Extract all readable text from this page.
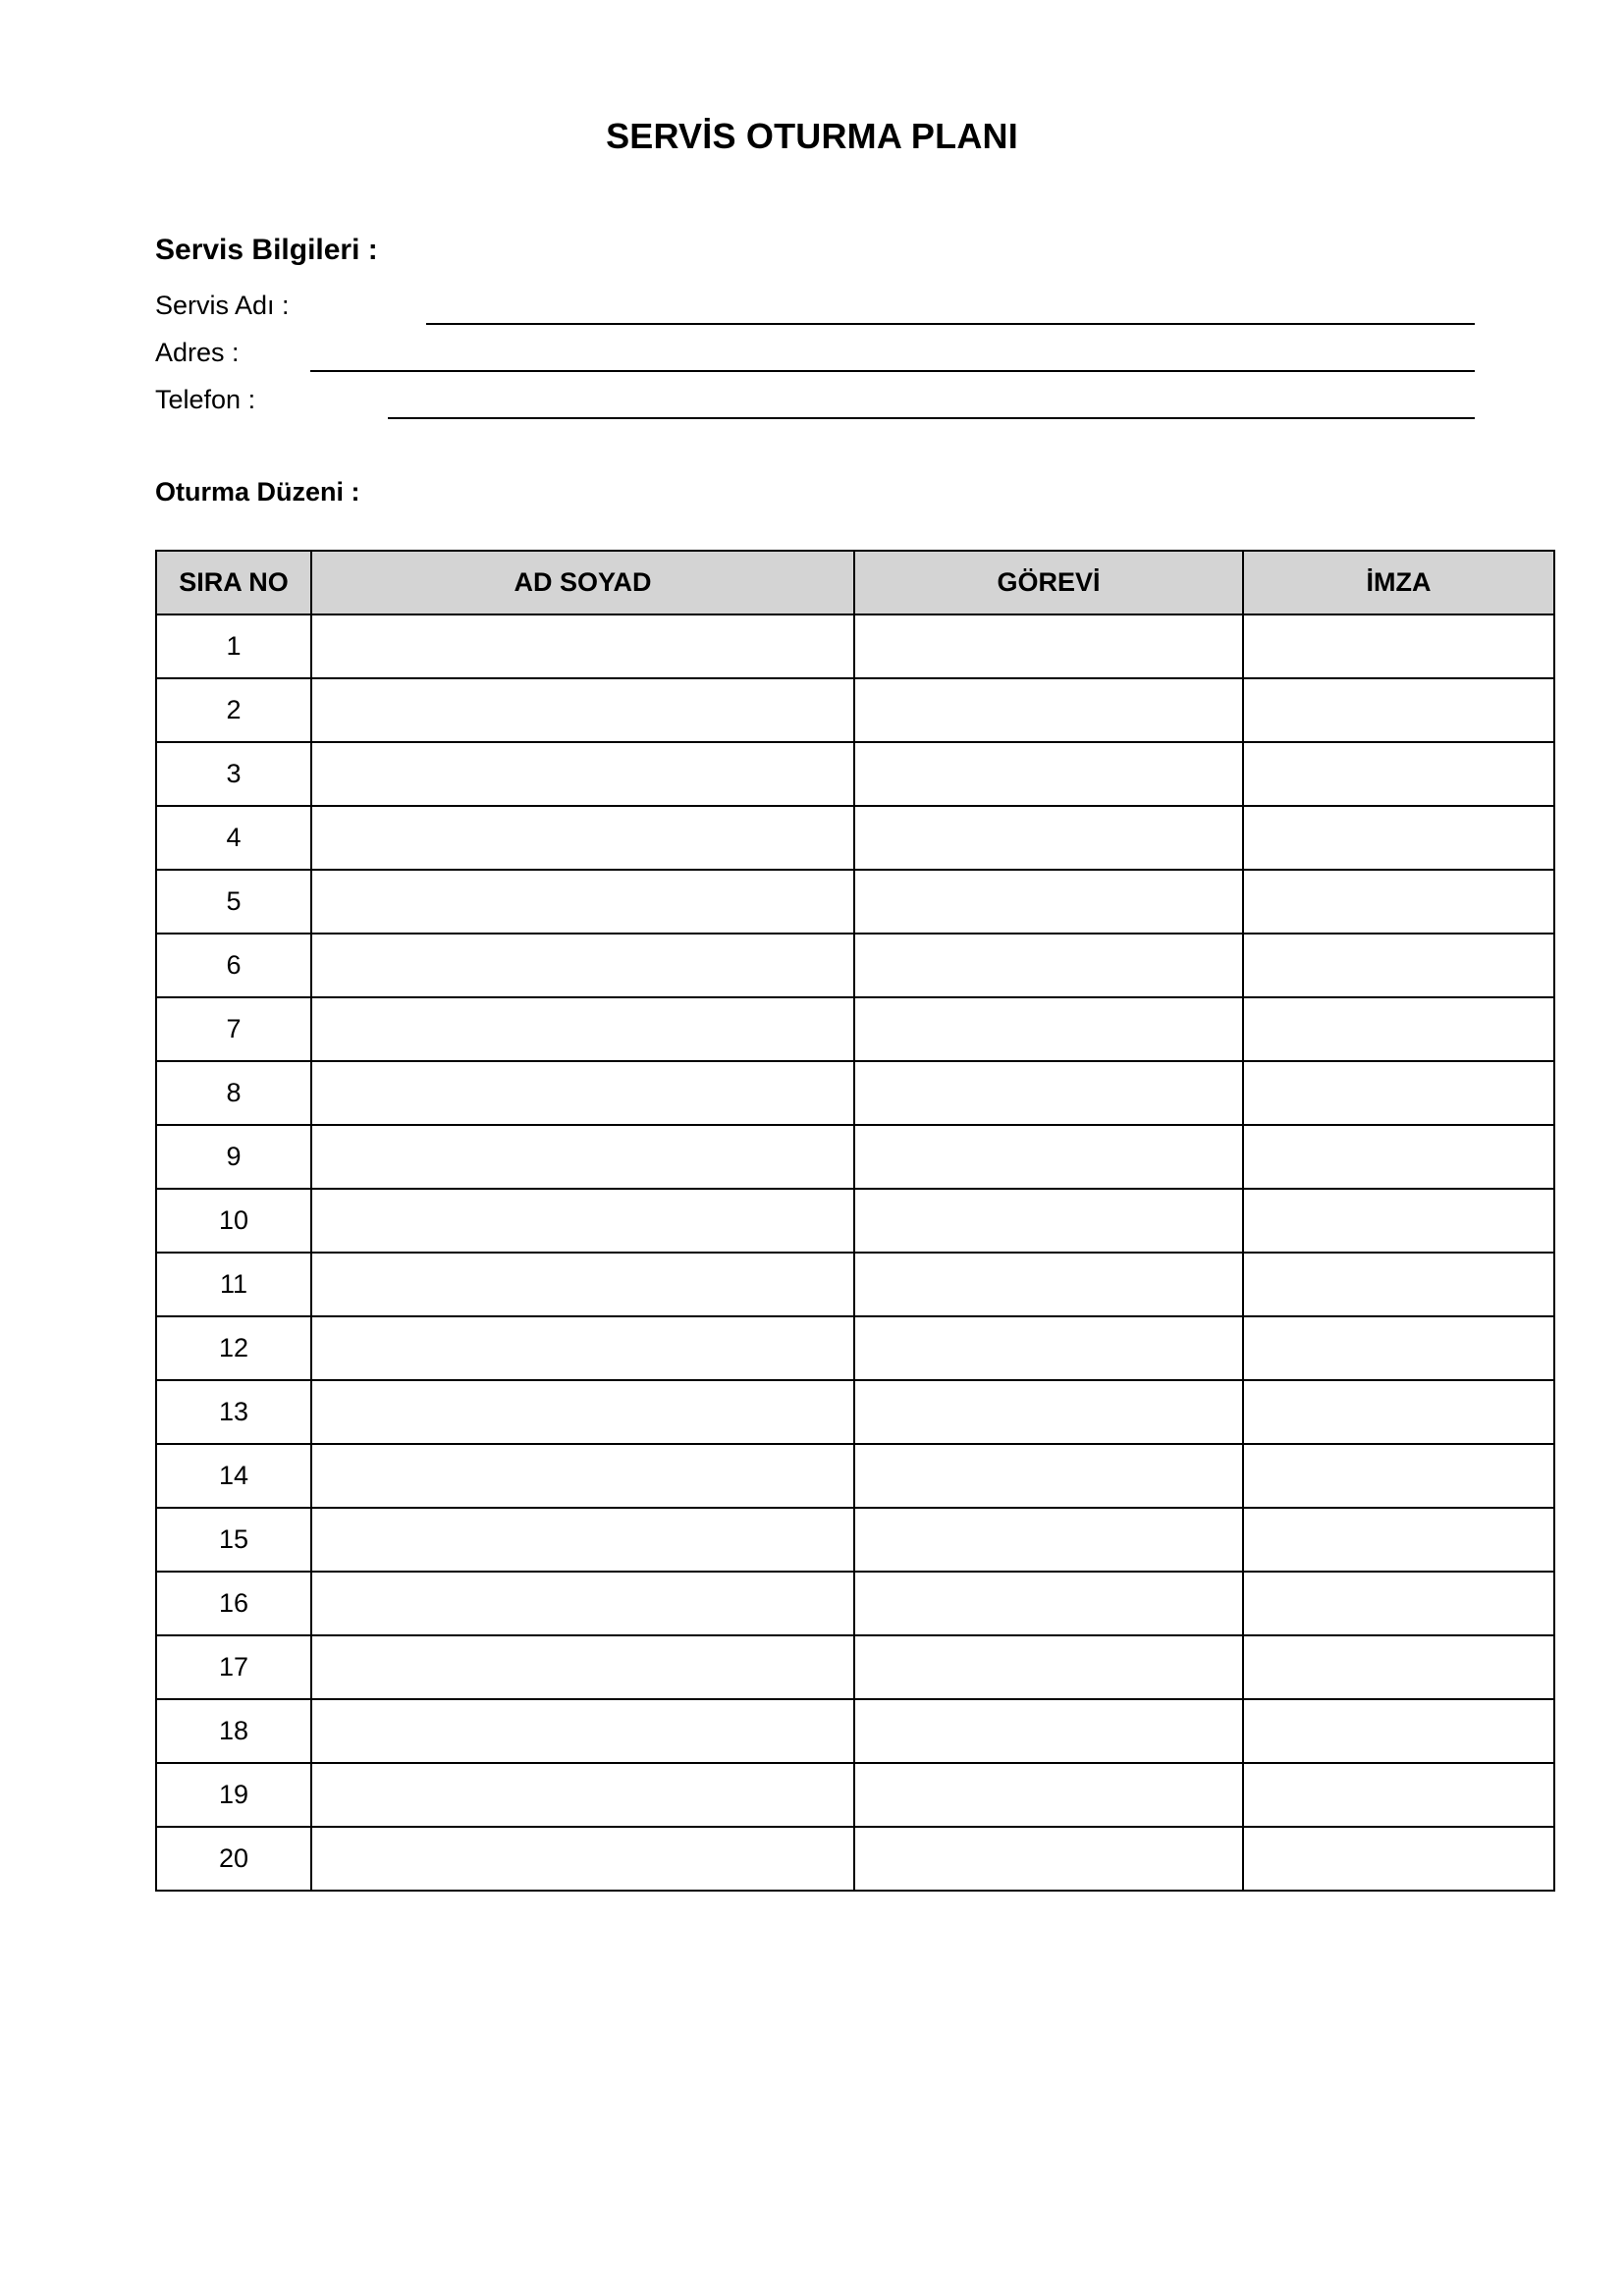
SERVİS OTURMA PLANI
Servis Bilgileri :
Servis Adı :
Adres :
Telefon :
Oturma Düzeni :
SIRA NO	AD SOYAD	GÖREVİ	İMZA
1			
2			
3			
4			
5			
6			
7			
8			
9			
10			
11			
12			
13			
14			
15			
16			
17			
18			
19			
20			
